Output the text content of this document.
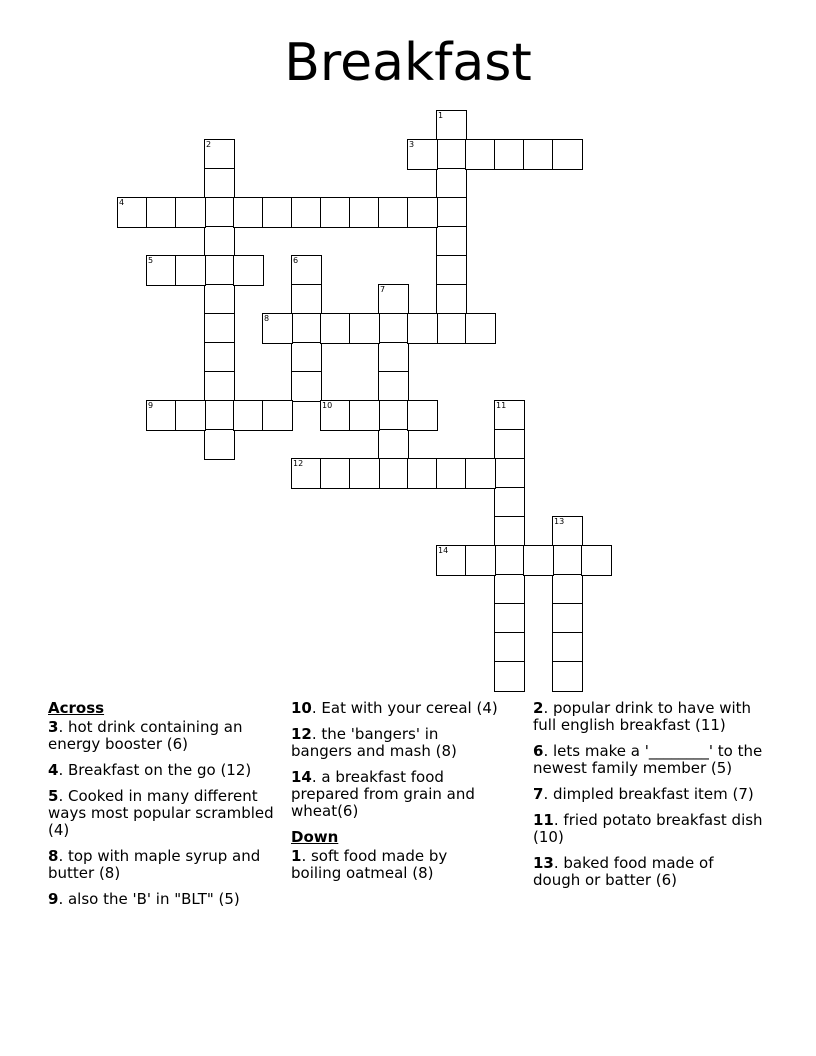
Breakfast
1
2	3
4
5	6
7
8
9	10	11
12
13
14
Across
3. hot drink containing an energy booster (6)
4. Breakfast on the go (12)
5. Cooked in many different ways most popular scrambled (4)
8. top with maple syrup and butter (8)
9. also the 'B' in "BLT" (5)
10. Eat with your cereal (4)
12. the 'bangers' in bangers and mash (8)
14. a breakfast food prepared from grain and wheat(6)
Down
1. soft food made by boiling oatmeal (8)
2. popular drink to have with full english breakfast (11)
6. lets make a '________' to the newest family member (5)
7. dimpled breakfast item (7)
11. fried potato breakfast dish (10)
13. baked food made of dough or batter (6)
